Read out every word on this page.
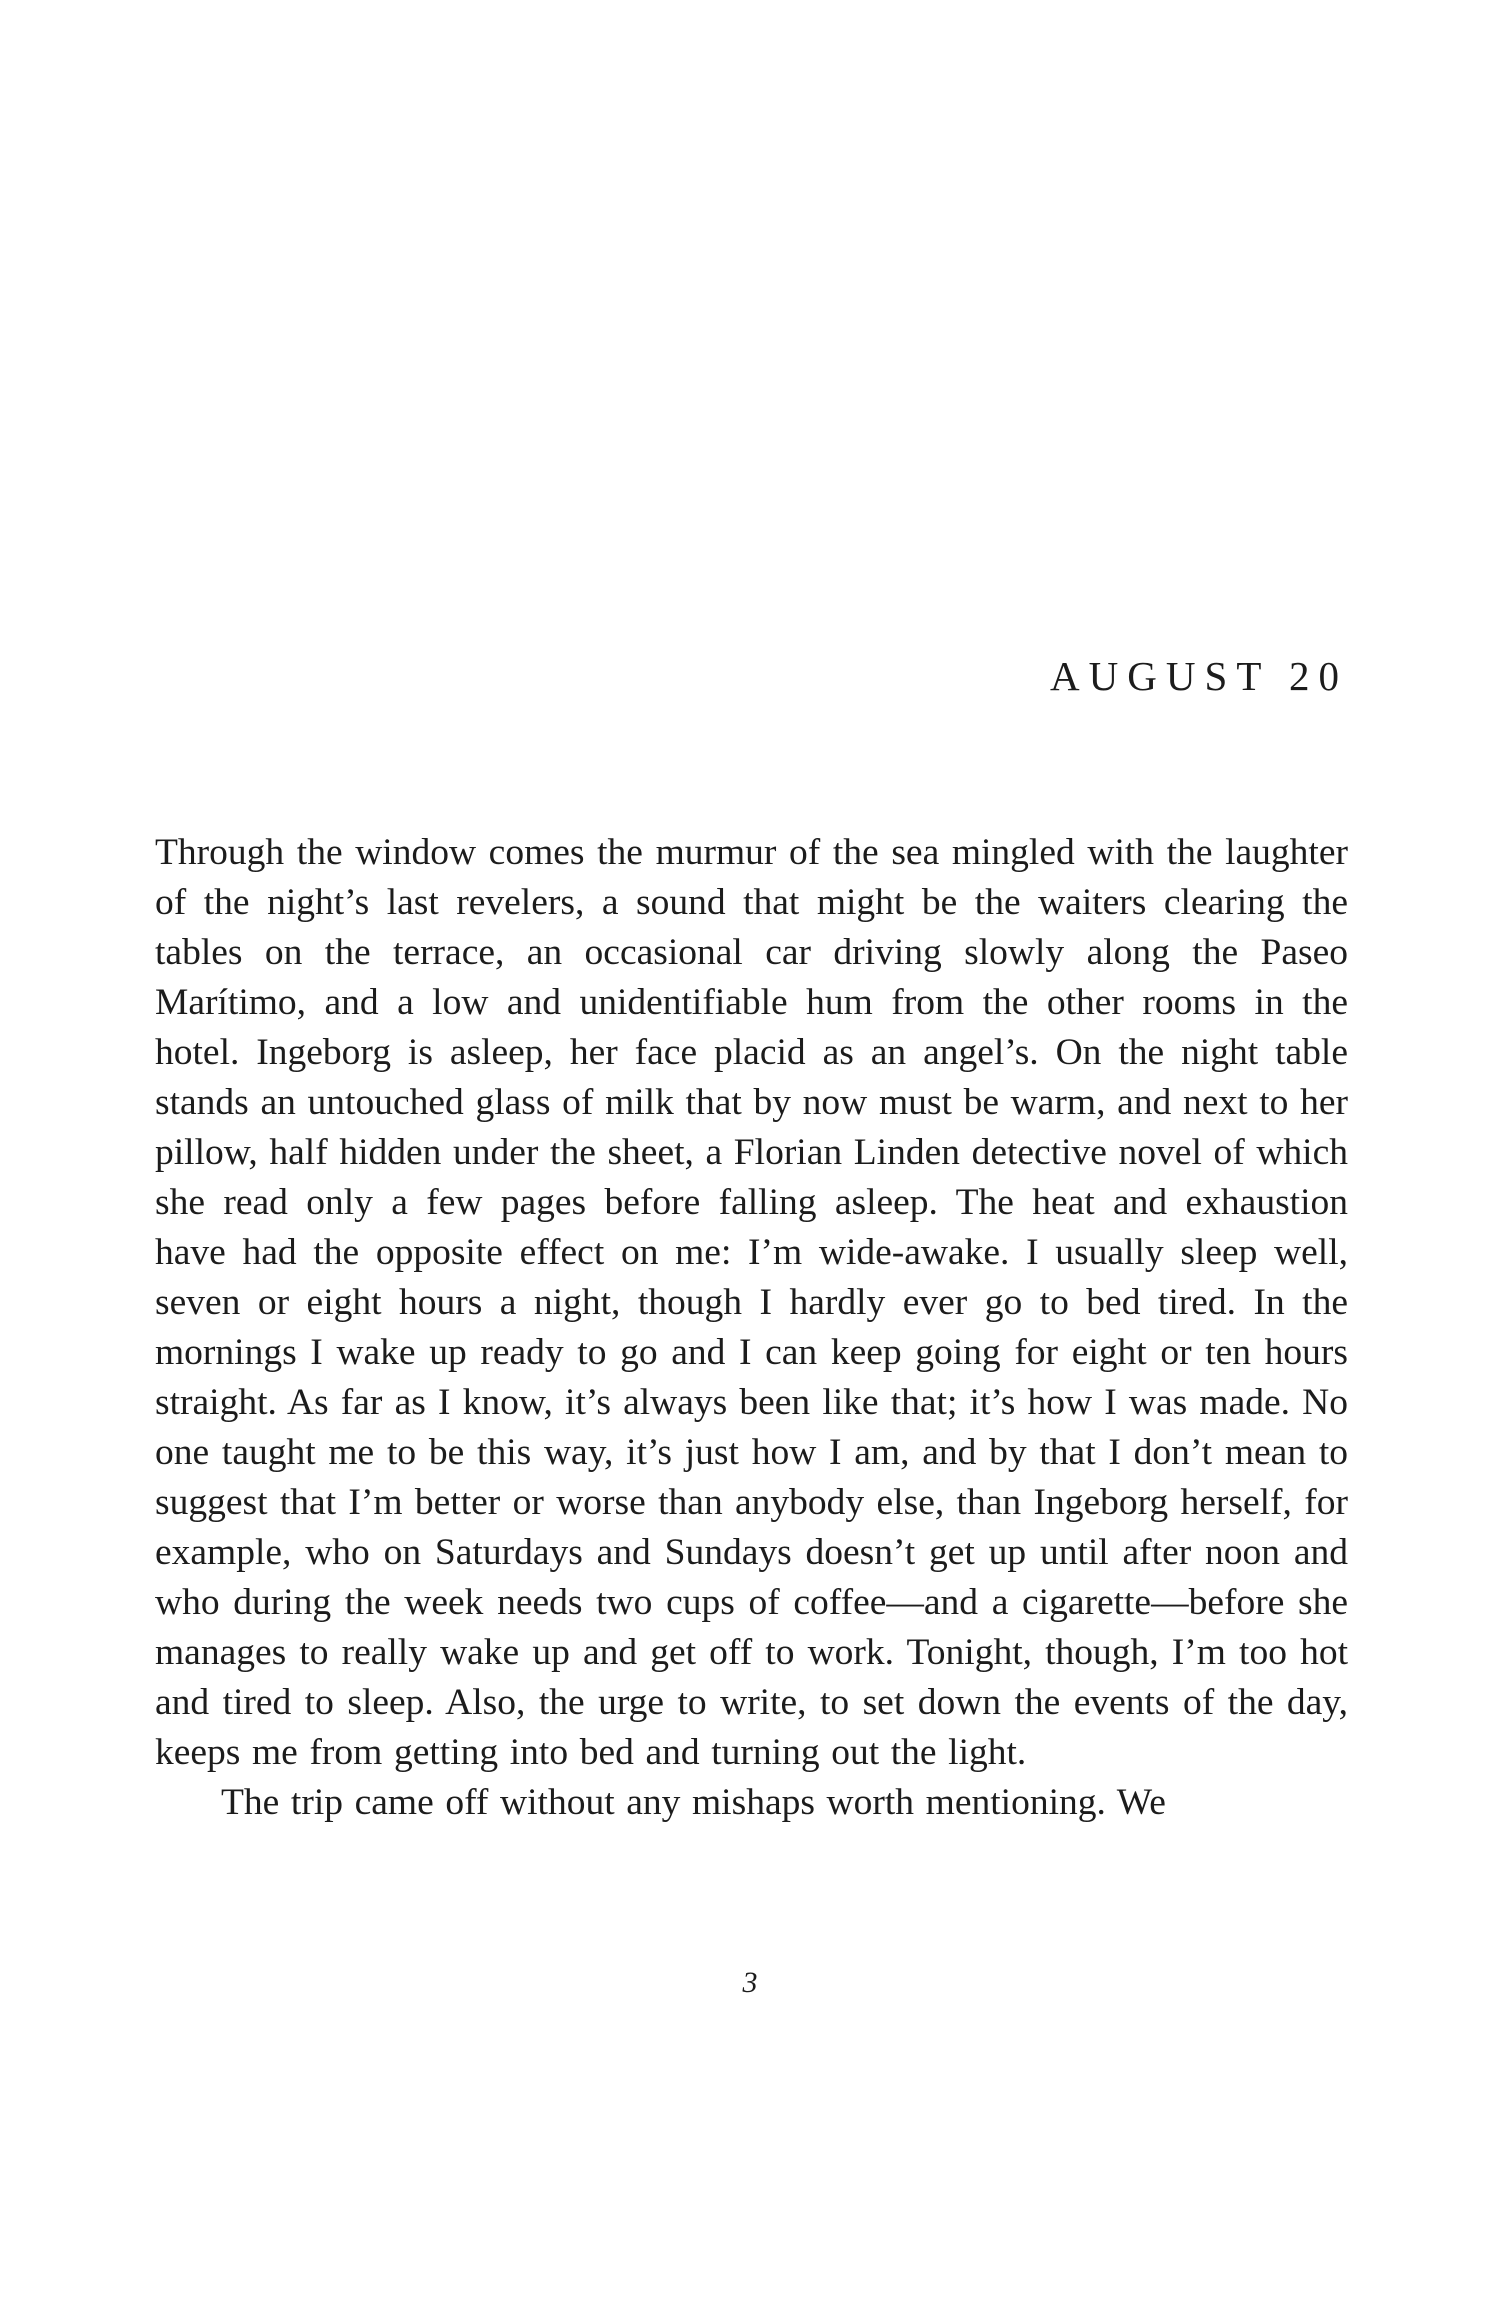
AUGUST 20

Through the window comes the murmur of the sea mingled with the laughter of the night’s last revelers, a sound that might be the waiters clearing the tables on the terrace, an occasional car driving slowly along the Paseo Marítimo, and a low and unidentifiable hum from the other rooms in the hotel. Ingeborg is asleep, her face placid as an angel’s. On the night table stands an untouched glass of milk that by now must be warm, and next to her pillow, half hidden under the sheet, a Florian Linden detective novel of which she read only a few pages before falling asleep. The heat and exhaustion have had the opposite effect on me: I’m wide-awake. I usually sleep well, seven or eight hours a night, though I hardly ever go to bed tired. In the mornings I wake up ready to go and I can keep going for eight or ten hours straight. As far as I know, it’s always been like that; it’s how I was made. No one taught me to be this way, it’s just how I am, and by that I don’t mean to suggest that I’m better or worse than anybody else, than Ingeborg herself, for example, who on Saturdays and Sundays doesn’t get up until after noon and who during the week needs two cups of coffee—and a cigarette—before she manages to really wake up and get off to work. Tonight, though, I’m too hot and tired to sleep. Also, the urge to write, to set down the events of the day, keeps me from getting into bed and turning out the light.

The trip came off without any mishaps worth mentioning. We

3
